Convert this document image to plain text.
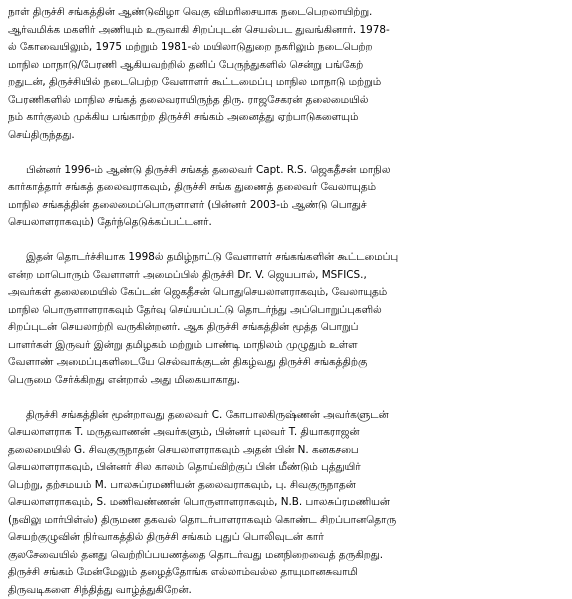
நாள் திருச்சி சங்கத்தின் ஆண்டுவிழா வெகு விமரிசையாக நடைபெறலாயிற்று.
ஆர்வமிக்க மகளிர் அணியும் உருவாகி சிறப்புடன் செயல்பட துவங்கினார். 1978-
ல் கோவையிலும், 1975 மற்றும் 1981-ல் மயிலாடுதுறை நகரிலும் நடைபெற்ற
மாநில மாநாடு/பேரணி ஆகியவற்றில் தனிப் பேருந்துகளில் சென்று பங்கேற்
றதுடன், திருச்சியில் நடைபெற்ற வேளாளர் கூட்டமைப்பு மாநில மாநாடு மற்றும்
பேரணிகளில் மாநில சங்கத் தலைவராயிருந்த திரு. ராஜசேகரன் தலைமையில்
நம் கார்குலம் முக்கிய பங்காற்ற திருச்சி சங்கம் அனைத்து ஏற்பாடுகளையும்
செய்திருந்தது.
பின்னர் 1996-ம் ஆண்டு திருச்சி சங்கத் தலைவர் Capt. R.S. ஜெகதீசன் மாநில
கார்காத்தார் சங்கத் தலைவராகவும், திருச்சி சங்க துணைத் தலைவர் வேலாயுதம்
மாநில சங்கத்தின் தலைமைப்பொருளாளர் (பின்னர் 2003-ம் ஆண்டு பொதுச்
செயலாளராகவும்) தேர்ந்தெடுக்கப்பட்டனர்.
இதன் தொடர்ச்சியாக 1998ல் தமிழ்நாட்டு வேளாளர் சங்கங்களின் கூட்டமைப்பு
என்ற மாபொரும் வேளாளர் அமைப்பில் திருச்சி Dr. V. ஜெயபால், MSFICS.,
அவர்கள் தலைமையில் கேப்டன் ஜெகதீசன் பொதுசெயலாளராகவும், வேலாயுதம்
மாநில பொருளாளராகவும் தேர்வு செய்யப்பட்டு தொடர்ந்து அப்பொறுப்புகளில்
சிறப்புடன் செயலாற்றி வருகின்றனர். ஆக திருச்சி சங்கத்தின் மூத்த பொறுப்
பாளர்கள் இருவர் இன்று தமிழகம் மற்றும் பாண்டி மாநிலம் முழுதும் உள்ள
வேளாண் அமைப்புகளிடையே செல்வாக்குடன் திகழ்வது திருச்சி சங்கத்திற்கு
பெருமை சேர்க்கிறது என்றால் அது மிகையாகாது.
திருச்சி சங்கத்தின் மூன்றாவது தலைவர் C. கோபாலகிருஷ்ணன் அவர்களுடன்
செயலாளராக T. மருதவாணன் அவர்களும், பின்னர் புலவர் T. தியாகராஜன்
தலைமையில் G. சிவகுருநாதன் செயலாளராகவும் அதன் பின் N. கனகசபை
செயலாளராகவும், பின்னர் சில காலம் தொய்விற்குப் பின் மீண்டும் புத்துயிர்
பெற்று, தற்சமயம் M. பாலசுப்ரமணியன் தலைவராகவும், பு. சிவகுருநாதன்
செயலாளராகவும், S. மணிவண்ணன் பொருளாளராகவும், N.B. பாலசுப்ரமணியன்
(நவிலு மார்பிள்ஸ்) திருமண தகவல் தொடர்பாளராகவும் கொண்ட சிறப்பானதொரு
செயற்குழுவின் நிர்வாகத்தில் திருச்சி சங்கம் புதுப் பொலிவுடன் கார்
குலசேவையில் தனது வெற்றிப்பயணத்தை தொடர்வது மனநிறைவைத் தருகிறது.
திருச்சி சங்கம் மேன்மேலும் தழைத்தோங்க எல்லாம்வல்ல தாயுமானசுவாமி
திருவடிகளை சிந்தித்து வாழ்த்துகிறேன்.
